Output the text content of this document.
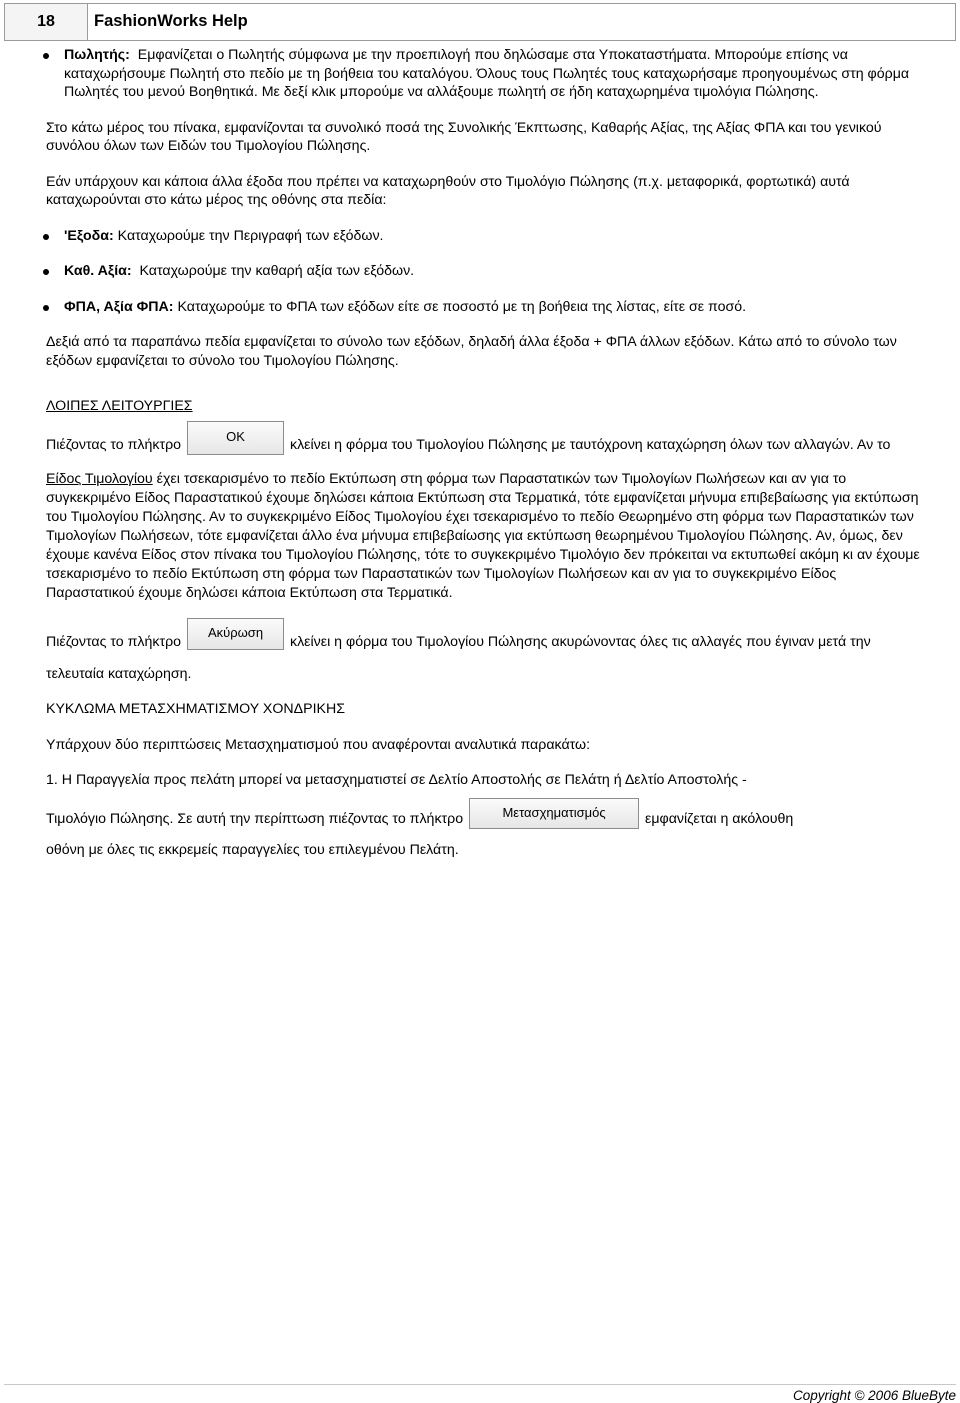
18	FashionWorks Help
Πωλητής: Εμφανίζεται ο Πωλητής σύμφωνα με την προεπιλογή που δηλώσαμε στα Υποκαταστήματα. Μπορούμε επίσης να καταχωρήσουμε Πωλητή στο πεδίο με τη βοήθεια του καταλόγου. Όλους τους Πωλητές τους καταχωρήσαμε προηγουμένως στη φόρμα Πωλητές του μενού Βοηθητικά. Με δεξί κλικ μπορούμε να αλλάξουμε πωλητή σε ήδη καταχωρημένα τιμολόγια Πώλησης.

Στο κάτω μέρος του πίνακα, εμφανίζονται τα συνολικό ποσά της Συνολικής Έκπτωσης, Καθαρής Αξίας, της Αξίας ΦΠΑ και του γενικού συνόλου όλων των Ειδών του Τιμολογίου Πώλησης.

Εάν υπάρχουν και κάποια άλλα έξοδα που πρέπει να καταχωρηθούν στο Τιμολόγιο Πώλησης (π.χ. μεταφορικά, φορτωτικά) αυτά καταχωρούνται στο κάτω μέρος της οθόνης στα πεδία:

'Εξοδα: Καταχωρούμε την Περιγραφή των εξόδων.
Καθ. Αξία: Καταχωρούμε την καθαρή αξία των εξόδων.
ΦΠΑ, Αξία ΦΠΑ: Καταχωρούμε το ΦΠΑ των εξόδων είτε σε ποσοστό με τη βοήθεια της λίστας, είτε σε ποσό.

Δεξιά από τα παραπάνω πεδία εμφανίζεται το σύνολο των εξόδων, δηλαδή άλλα έξοδα + ΦΠΑ άλλων εξόδων. Κάτω από το σύνολο των εξόδων εμφανίζεται το σύνολο του Τιμολογίου Πώλησης.

ΛΟΙΠΕΣ ΛΕΙΤΟΥΡΓΙΕΣ

Πιέζοντας το πλήκτρο
OK
κλείνει η φόρμα του Τιμολογίου Πώλησης με ταυτόχρονη καταχώρηση όλων των αλλαγών. Αν το Είδος Τιμολογίου έχει τσεκαρισμένο το πεδίο Εκτύπωση στη φόρμα των Παραστατικών των Τιμολογίων Πωλήσεων και αν για το συγκεκριμένο Είδος Παραστατικού έχουμε δηλώσει κάποια Εκτύπωση στα Τερματικά, τότε εμφανίζεται μήνυμα επιβεβαίωσης για εκτύπωση του Τιμολογίου Πώλησης. Αν το συγκεκριμένο Είδος Τιμολογίου έχει τσεκαρισμένο το πεδίο Θεωρημένο στη φόρμα των Παραστατικών των Τιμολογίων Πωλήσεων, τότε εμφανίζεται άλλο ένα μήνυμα επιβεβαίωσης για εκτύπωση θεωρημένου Τιμολογίου Πώλησης. Αν, όμως, δεν έχουμε κανένα Είδος στον πίνακα του Τιμολογίου Πώλησης, τότε το συγκεκριμένο Τιμολόγιο δεν πρόκειται να εκτυπωθεί ακόμη κι αν έχουμε τσεκαρισμένο το πεδίο Εκτύπωση στη φόρμα των Παραστατικών των Τιμολογίων Πωλήσεων και αν για το συγκεκριμένο Είδος Παραστατικού έχουμε δηλώσει κάποια Εκτύπωση στα Τερματικά.

Πιέζοντας το πλήκτρο
Ακύρωση
κλείνει η φόρμα του Τιμολογίου Πώλησης ακυρώνοντας όλες τις αλλαγές που έγιναν μετά την τελευταία καταχώρηση.

ΚΥΚΛΩΜΑ ΜΕΤΑΣΧΗΜΑΤΙΣΜΟΥ ΧΟΝΔΡΙΚΗΣ

Υπάρχουν δύο περιπτώσεις Μετασχηματισμού που αναφέρονται αναλυτικά παρακάτω:

1. Η Παραγγελία προς πελάτη μπορεί να μετασχηματιστεί σε Δελτίο Αποστολής σε Πελάτη ή Δελτίο Αποστολής -

Τιμολόγιο Πώλησης. Σε αυτή την περίπτωση πιέζοντας το πλήκτρο	Μετασχηματισμός	εμφανίζεται η ακόλουθη

οθόνη με όλες τις εκκρεμείς παραγγελίες του επιλεγμένου Πελάτη.

Copyright © 2006 BlueByte
